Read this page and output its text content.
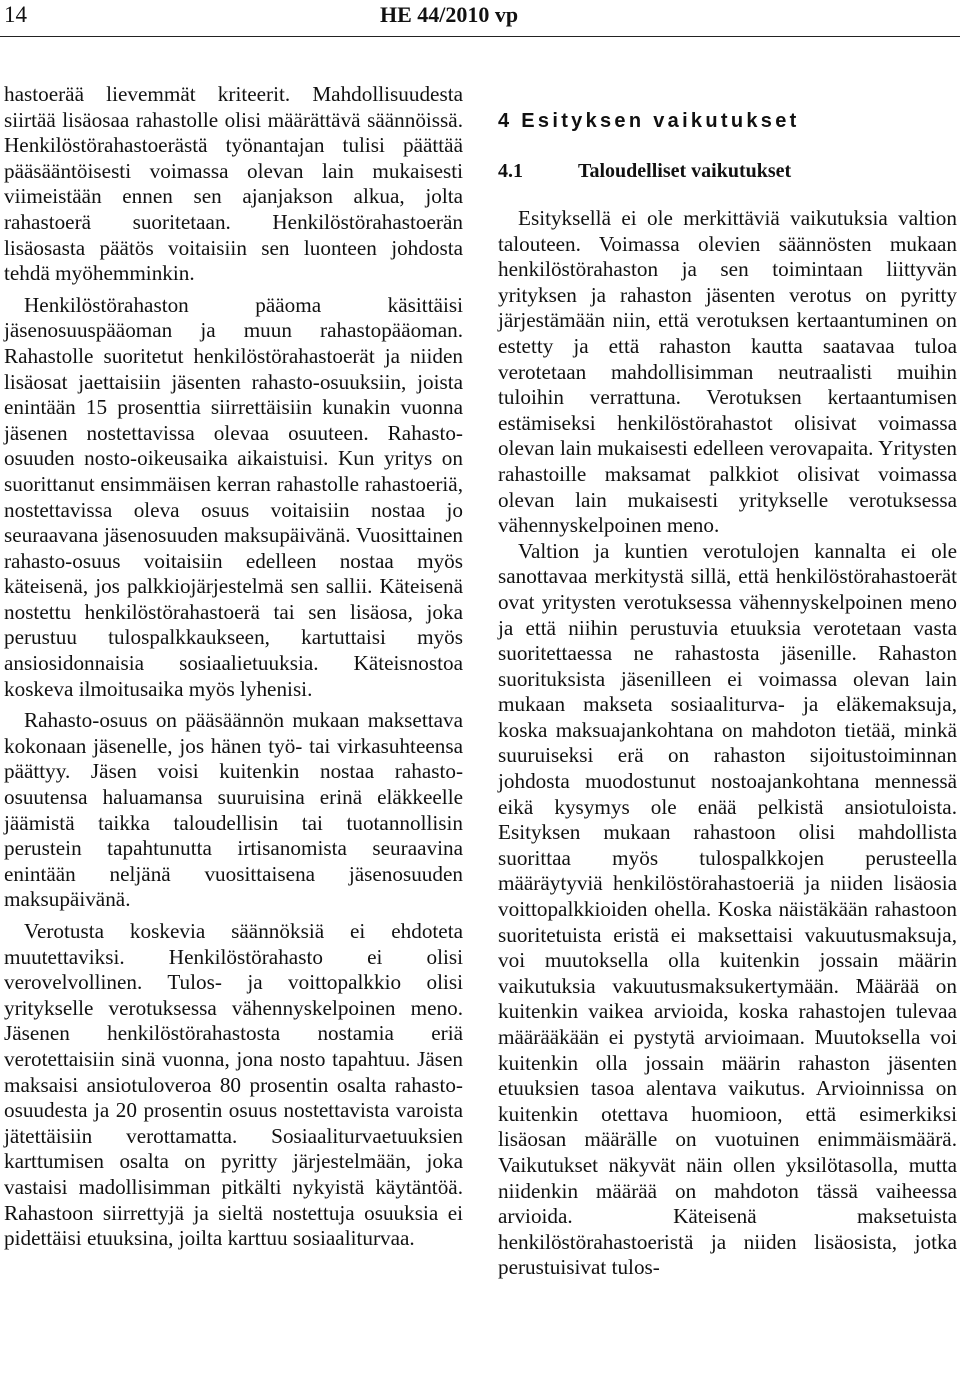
14	HE 44/2010 vp

hastoerää lievemmät kriteerit. Mahdollisuudesta siirtää lisäosaa rahastolle olisi määrättävä säännöissä. Henkilöstörahastoerästä työnantajan tulisi päättää pääsääntöisesti voimassa olevan lain mukaisesti viimeistään ennen sen ajanjakson alkua, jolta rahastoerä suoritetaan. Henkilöstörahastoerän lisäosasta päätös voitaisiin sen luonteen johdosta tehdä myöhemminkin.

Henkilöstörahaston pääoma käsittäisi jäsenosuuspääoman ja muun rahastopääoman. Rahastolle suoritetut henkilöstörahastoerät ja niiden lisäosat jaettaisiin jäsenten rahasto-osuuksiin, joista enintään 15 prosenttia siirrettäisiin kunakin vuonna jäsenen nostettavissa olevaa osuuteen. Rahasto-osuuden nosto-oikeusaika aikaistuisi. Kun yritys on suorittanut ensimmäisen kerran rahastolle rahastoeriä, nostettavissa oleva osuus voitaisiin nostaa jo seuraavana jäsenosuuden maksupäivänä. Vuosittainen rahasto-osuus voitaisiin edelleen nostaa myös käteisenä, jos palkkiojärjestelmä sen sallii. Käteisenä nostettu henkilöstörahastoerä tai sen lisäosa, joka perustuu tulospalkkaukseen, kartuttaisi myös ansiosidonnaisia sosiaalietuuksia. Käteisnostoa koskeva ilmoitusaika myös lyhenisi.

Rahasto-osuus on pääsäännön mukaan maksettava kokonaan jäsenelle, jos hänen työ- tai virkasuhteensa päättyy. Jäsen voisi kuitenkin nostaa rahasto-osuutensa haluamansa suuruisina erinä eläkkeelle jäämistä taikka taloudellisin tai tuotannollisin perustein tapahtunutta irtisanomista seuraavina enintään neljänä vuosittaisena jäsenosuuden maksupäivänä.

Verotusta koskevia säännöksiä ei ehdoteta muutettaviksi. Henkilöstörahasto ei olisi verovelvollinen. Tulos- ja voittopalkkio olisi yritykselle verotuksessa vähennyskelpoinen meno. Jäsenen henkilöstörahastosta nostamia eriä verotettaisiin sinä vuonna, jona nosto tapahtuu. Jäsen maksaisi ansiotuloveroa 80 prosentin osalta rahasto-osuudesta ja 20 prosentin osuus nostettavista varoista jätettäisiin verottamatta. Sosiaaliturvaetuuksien karttumisen osalta on pyritty järjestelmään, joka vastaisi madollisimman pitkälti nykyistä käytäntöä. Rahastoon siirrettyjä ja sieltä nostettuja osuuksia ei pidettäisi etuuksina, joilta karttuu sosiaaliturvaa.

4 Esityksen vaikutukset
4.1	Taloudelliset vaikutukset

Esityksellä ei ole merkittäviä vaikutuksia valtion talouteen. Voimassa olevien säännösten mukaan henkilöstörahaston ja sen toimintaan liittyvän yrityksen ja rahaston jäsenten verotus on pyritty järjestämään niin, että verotuksen kertaantuminen on estetty ja että rahaston kautta saatavaa tuloa verotetaan mahdollisimman neutraalisti muihin tuloihin verrattuna. Verotuksen kertaantumisen estämiseksi henkilöstörahastot olisivat voimassa olevan lain mukaisesti edelleen verovapaita. Yritysten rahastoille maksamat palkkiot olisivat voimassa olevan lain mukaisesti yritykselle verotuksessa vähennyskelpoinen meno.

Valtion ja kuntien verotulojen kannalta ei ole sanottavaa merkitystä sillä, että henkilöstörahastoerät ovat yritysten verotuksessa vähennyskelpoinen meno ja että niihin perustuvia etuuksia verotetaan vasta suoritettaessa ne rahastosta jäsenille. Rahaston suorituksista jäsenilleen ei voimassa olevan lain mukaan makseta sosiaaliturva- ja eläkemaksuja, koska maksuajankohtana on mahdoton tietää, minkä suuruiseksi erä on rahaston sijoitustoiminnan johdosta muodostunut nostoajankohtana mennessä eikä kysymys ole enää pelkistä ansiotuloista. Esityksen mukaan rahastoon olisi mahdollista suorittaa myös tulospalkkojen perusteella määräytyviä henkilöstörahastoeriä ja niiden lisäosia voittopalkkioiden ohella. Koska näistäkään rahastoon suoritetuista eristä ei maksettaisi vakuutusmaksuja, voi muutoksella olla kuitenkin jossain määrin vaikutuksia vakuutusmaksukertymään. Määrää on kuitenkin vaikea arvioida, koska rahastojen tulevaa määrääkään ei pystytä arvioimaan. Muutoksella voi kuitenkin olla jossain määrin rahaston jäsenten etuuksien tasoa alentava vaikutus. Arvioinnissa on kuitenkin otettava huomioon, että esimerkiksi lisäosan määrälle on vuotuinen enimmäismäärä. Vaikutukset näkyvät näin ollen yksilötasolla, mutta niidenkin määrää on mahdoton tässä vaiheessa arvioida. Käteisenä maksetuista henkilöstörahastoeristä ja niiden lisäosista, jotka perustuisivat tulos-
